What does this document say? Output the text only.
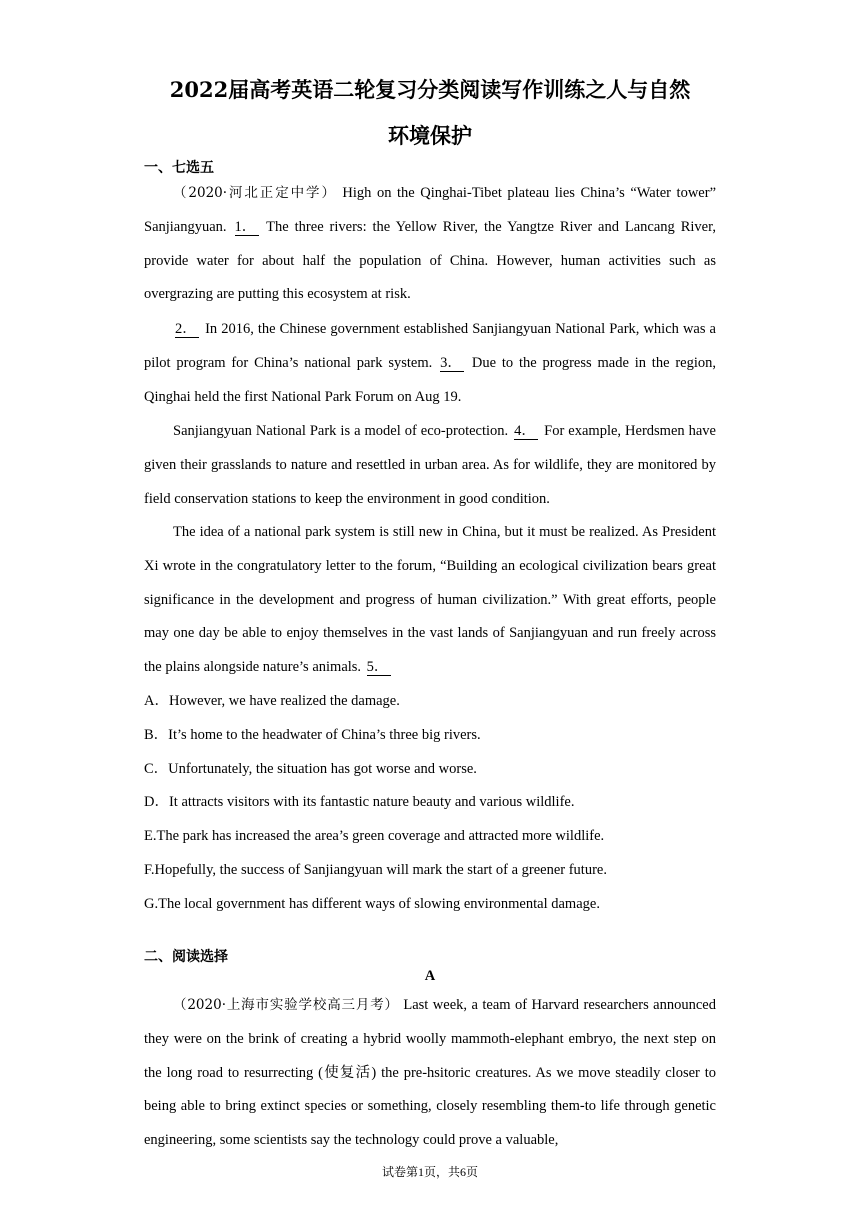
2022届高考英语二轮复习分类阅读写作训练之人与自然
环境保护
一、七选五
（2020·河北正定中学） High on the Qinghai-Tibet plateau lies China’s “Water tower” Sanjiangyuan. 1． The three rivers: the Yellow River, the Yangtze River and Lancang River, provide water for about half the population of China. However, human activities such as overgrazing are putting this ecosystem at risk.
2． In 2016, the Chinese government established Sanjiangyuan National Park, which was a pilot program for China’s national park system. 3． Due to the progress made in the region, Qinghai held the first National Park Forum on Aug 19.
Sanjiangyuan National Park is a model of eco-protection. 4． For example, Herdsmen have given their grasslands to nature and resettled in urban area. As for wildlife, they are monitored by field conservation stations to keep the environment in good condition.
The idea of a national park system is still new in China, but it must be realized. As President Xi wrote in the congratulatory letter to the forum, “Building an ecological civilization bears great significance in the development and progress of human civilization.” With great efforts, people may one day be able to enjoy themselves in the vast lands of Sanjiangyuan and run freely across the plains alongside nature’s animals. 5．
A．However, we have realized the damage.
B．It’s home to the headwater of China’s three big rivers.
C．Unfortunately, the situation has got worse and worse.
D．It attracts visitors with its fantastic nature beauty and various wildlife.
E.The park has increased the area’s green coverage and attracted more wildlife.
F.Hopefully, the success of Sanjiangyuan will mark the start of a greener future.
G.The local government has different ways of slowing environmental damage.
二、阅读选择
A
（2020·上海市实验学校高三月考） Last week, a team of Harvard researchers announced they were on the brink of creating a hybrid woolly mammoth-elephant embryo, the next step on the long road to resurrecting (使复活) the pre-hsitoric creatures. As we move steadily closer to being able to bring extinct species or something, closely resembling them-to life through genetic engineering, some scientists say the technology could prove a valuable,
试卷第1页，共6页
